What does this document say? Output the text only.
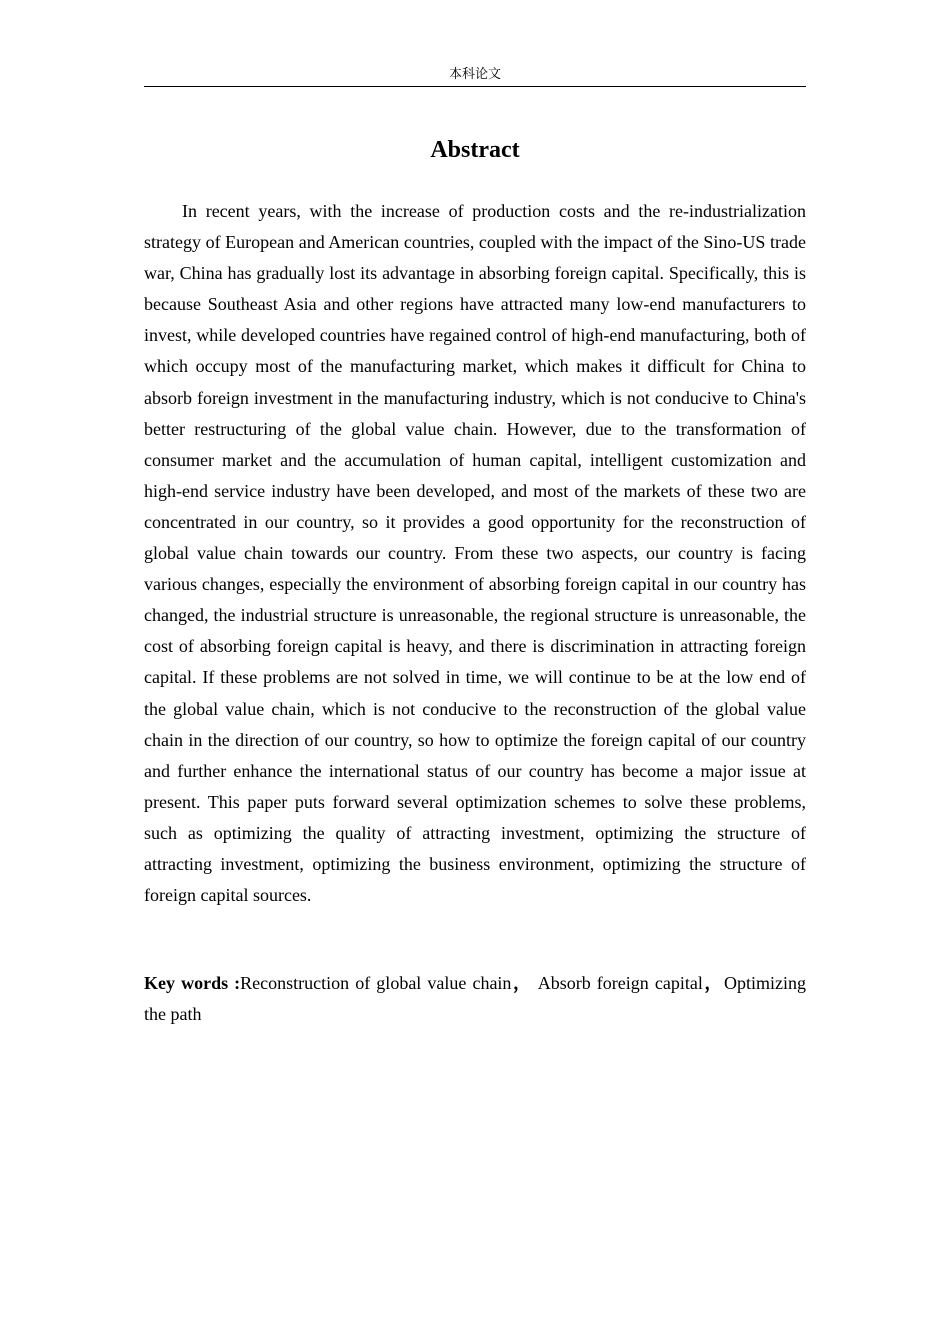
本科论文
Abstract

In recent years, with the increase of production costs and the re-industrialization strategy of European and American countries, coupled with the impact of the Sino-US trade war, China has gradually lost its advantage in absorbing foreign capital. Specifically, this is because Southeast Asia and other regions have attracted many low-end manufacturers to invest, while developed countries have regained control of high-end manufacturing, both of which occupy most of the manufacturing market, which makes it difficult for China to absorb foreign investment in the manufacturing industry, which is not conducive to China's better restructuring of the global value chain. However, due to the transformation of consumer market and the accumulation of human capital, intelligent customization and high-end service industry have been developed, and most of the markets of these two are concentrated in our country, so it provides a good opportunity for the reconstruction of global value chain towards our country. From these two aspects, our country is facing various changes, especially the environment of absorbing foreign capital in our country has changed, the industrial structure is unreasonable, the regional structure is unreasonable, the cost of absorbing foreign capital is heavy, and there is discrimination in attracting foreign capital. If these problems are not solved in time, we will continue to be at the low end of the global value chain, which is not conducive to the reconstruction of the global value chain in the direction of our country, so how to optimize the foreign capital of our country and further enhance the international status of our country has become a major issue at present. This paper puts forward several optimization schemes to solve these problems, such as optimizing the quality of attracting investment, optimizing the structure of attracting investment, optimizing the business environment, optimizing the structure of foreign capital sources.

Key words :Reconstruction of global value chain， Absorb foreign capital，Optimizing the path
